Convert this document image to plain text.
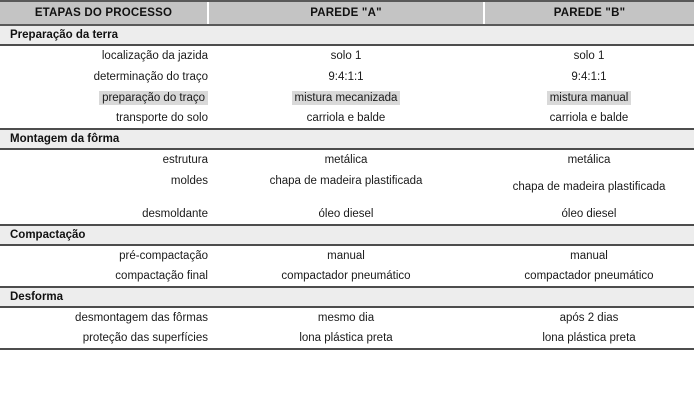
ETAPAS DO PROCESSO	PAREDE "A"	PAREDE "B"

Preparação da terra		

localização da jazida	solo 1	solo 1
determinação do traço	9:4:1:1	9:4:1:1
preparação do traço	mistura mecanizada	mistura manual
transporte do solo	carriola e balde	carriola e balde

Montagem da fôrma		

estrutura	metálica	metálica
moldes	chapa de madeira plastificada	chapa de madeira plastificada

desmoldante	óleo diesel	óleo diesel

Compactação		

pré-compactação	manual	manual
compactação final	compactador pneumático	compactador pneumático

Desforma		

desmontagem das fôrmas	mesmo dia	após 2 dias
proteção das superfícies	lona plástica preta	lona plástica preta
